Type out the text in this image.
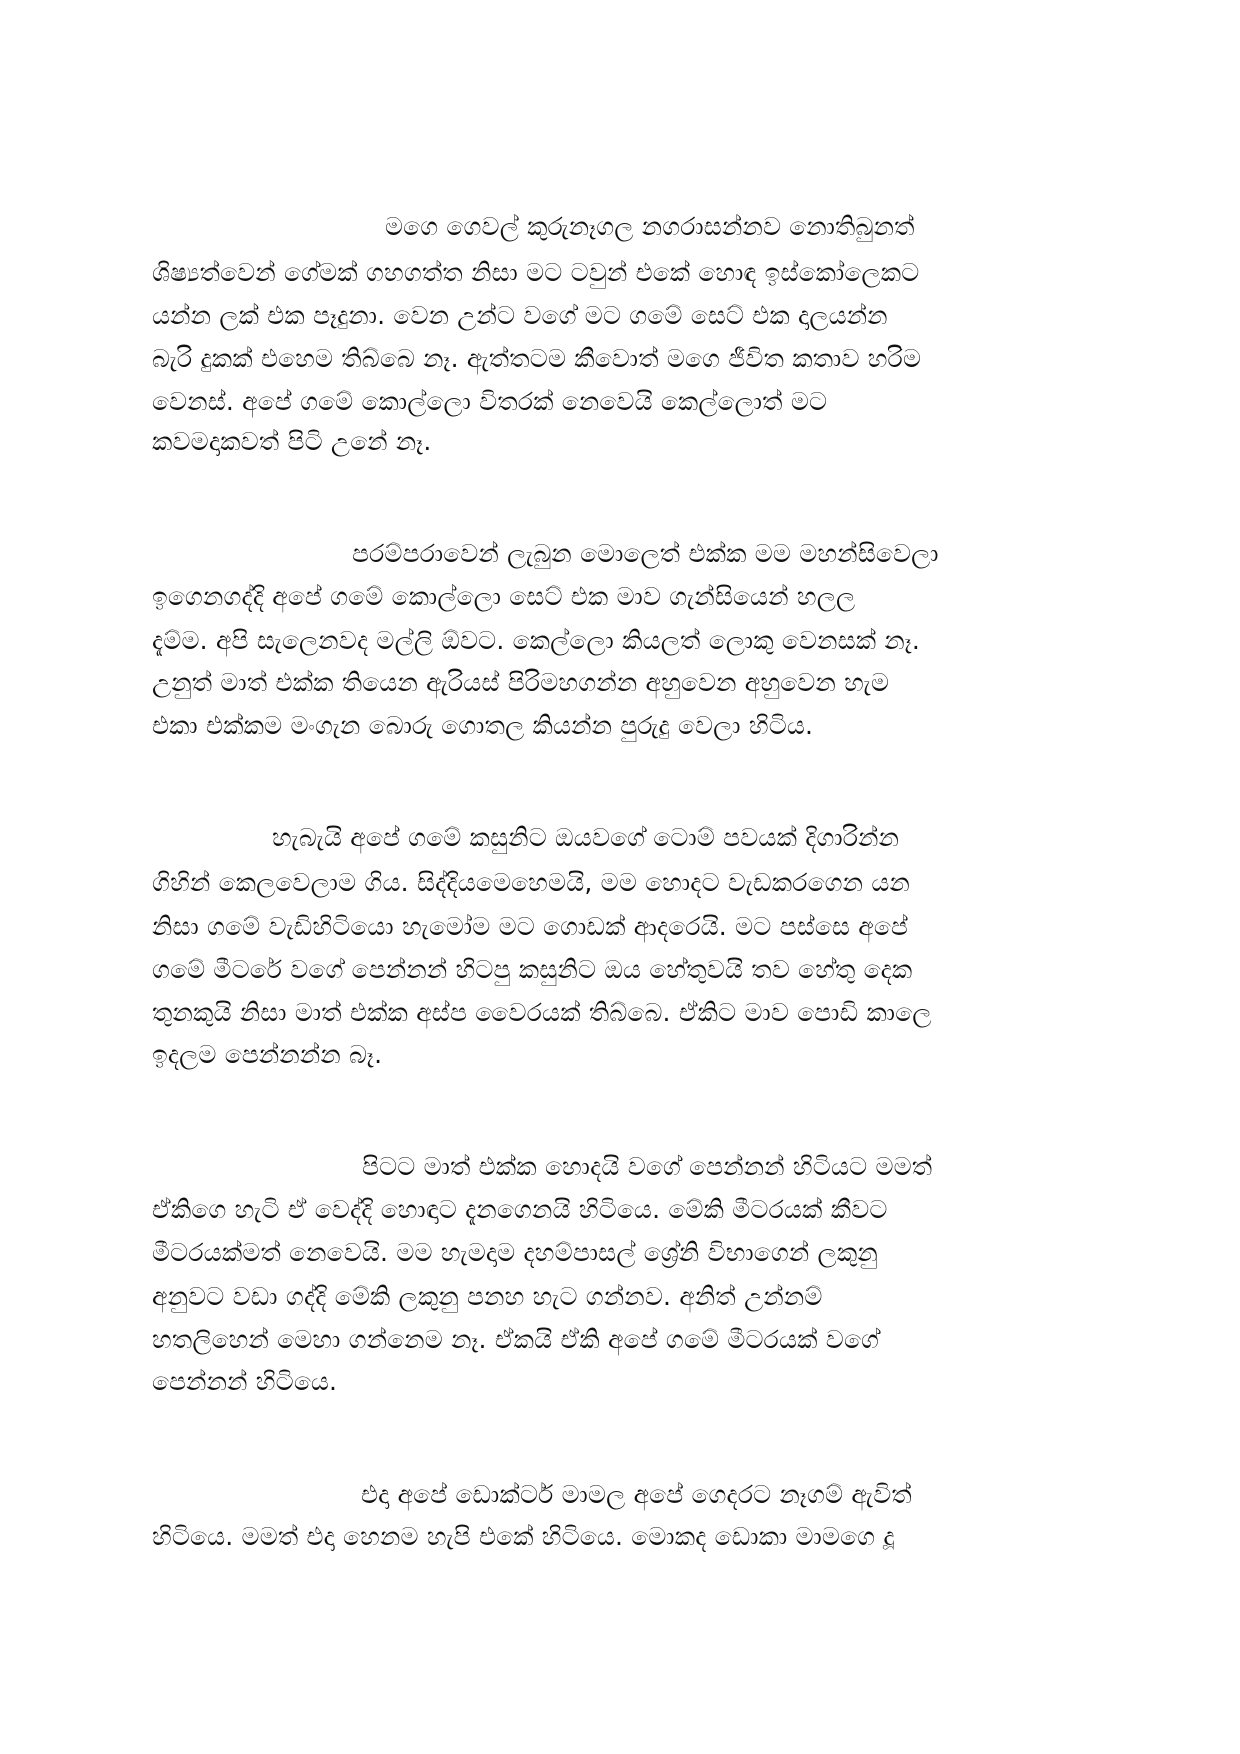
මගෙ ගෙවල් කුරුනෑගල නගරාසන්නව නොතිබුනත්
ශිෂ්‍යත්වෙන් ගේමක් ගහගත්ත නිසා මට ටවුන් එකේ හොඳ ඉස්කෝලෙකට
යන්න ලක් එක පෑදුනා. වෙන උන්ට වගේ මට ගමේ සෙට් එක දාලයන්න
බැරි දුකක් එහෙම තිබ්බෙ නෑ. ඇත්තටම කීවොත් මගෙ ජීවිත කතාව හරිම
වෙනස්. අපේ ගමේ කොල්ලො විතරක් නෙවෙයි කෙල්ලොත් මට
කවමදාකවත් පිටි උනේ නෑ.
පරම්පරාවෙන් ලැබුන මොලෙත් එක්ක මම මහන්සිවෙලා
ඉගෙනගද්දි අපේ ගමේ කොල්ලො සෙට් එක මාව ගැන්සියෙන් හලල
දැම්ම. අපි සැලෙනවද මල්ලි ඕවට. කෙල්ලො කියලත් ලොකු වෙනසක් නෑ.
උනුත් මාත් එක්ක තියෙන ඇරියස් පිරිමහගන්න අහුවෙන අහුවෙන හැම
එකා එක්කම මංගැන බොරු ගොතල කියන්න පුරුදු වෙලා හිටිය.
හැබැයි අපේ ගමේ කසුනිට ඔයවගේ ටොම් පවයක් දිගාරින්න
ගිහින් කෙලවෙලාම ගිය. සිද්දියමෙහෙමයි, මම හොදට වැඩකරගෙන යන
නිසා ගමේ වැඩිහිටියො හැමෝම මට ගොඩක් ආදරෙයි. මට පස්සෙ අපේ
ගමේ මීටරේ වගේ පෙන්නන් හිටපු කසුනිට ඔය හේතුවයි තව හේතු දෙක
තුනකුයි නිසා මාත් එක්ක අස්ප වෛරයක් තිබ්බෙ. ඒකිට මාව පොඩි කාලෙ
ඉදලම පෙන්නන්න බෑ.
පිටට මාත් එක්ක හොදයි වගේ පෙන්නන් හිටියට මමත්
ඒකිගෙ හැටි ඒ වෙද්දි හොඳාට දැනගෙනයි හිටියෙ. මේකි මීටරයක් කීවට
මීටරයක්මත් නෙවෙයි. මම හැමදාම දහම්පාසල් ශ්‍රේනි විභාගෙන් ලකුනු
අනුවට වඩා ගද්දි මේකි ලකුනු පනහ හැට ගන්නව. අනිත් උන්නම්
හතලිහෙන් මෙහා ගන්නෙම නෑ. ඒකයි ඒකි අපේ ගමේ මීටරයක් වගේ
පෙන්නන් හිටියෙ.
එදා අපේ ඩොක්ටර් මාමල අපේ ගෙදරට නෑගම් ඇවිත්
හිටියෙ. මමත් එදා හෙනම හැපි එකේ හිටියෙ. මොකද ඩොකා මාමගෙ දූ
